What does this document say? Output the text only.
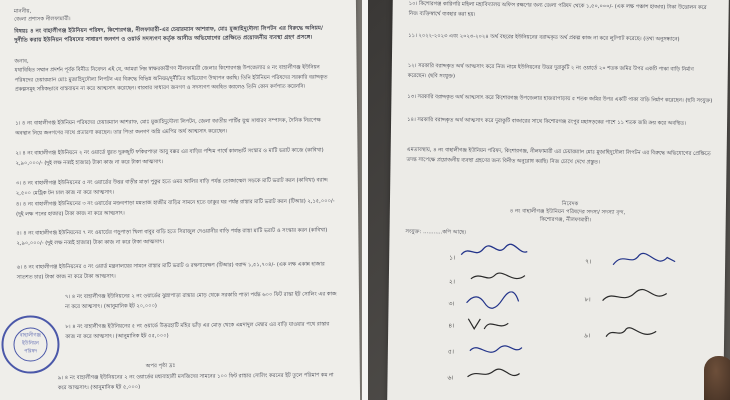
মাননীয়,
জেলা প্রশাসক নীলফামারী।
বিষয়ঃ ৪ নং বাহালীগঞ্জ ইউনিয়ন পরিষদ, কিশোরগঞ্জ, নীলফামারী-এর চেয়ারম্যান আশরাফ, মোঃ মুজাহিদুদৌলা লিপটন এর বিরুদ্ধে অনিয়ম/ দুর্নীতি করায় ইউনিয়ন পরিষদের সাধারণ জনগণ ও ওয়ার্ড সদস্যগণ কর্তৃক আনীত অভিযোগের প্রেক্ষিতে প্রয়োজনীয় ব্যবস্থা গ্রহণ প্রসঙ্গে।
জনাব,
যথাবিহিত সম্মান প্রদর্শন পূর্বক বিনীত নিবেদন এই যে, আমরা নিম্ন স্বাক্ষরকারীগণ নীলফামারী জেলার কিশোরগঞ্জ উপজেলার ৪ নং বাহালীগঞ্জ ইউনিয়ন পরিষদের চেয়ারম্যান মোঃ মুজাহিদুদৌলা লিপটন এর বিরুদ্ধে বিভিন্ন অনিয়ম/দুর্নীতির অভিযোগ উত্থাপন করছি। তিনি ইউনিয়ন পরিষদের সরকারি বরাদ্দকৃত প্রকল্পসমূহ সঠিকভাবে বাস্তবায়ন না করে আত্মসাৎ করেছেন। বারবার সাধারণ জনগণ ও সদস্যগণ অবহিত করলেও তিনি কোন কর্ণপাত করেননি।
১। ৪ নং বাহালীগঞ্জ ইউনিয়ন পরিষদের চেয়ারম্যান আশরাফ, মোঃ মুজাহিদুদৌলা লিপটন, জেলা জাতীয় পার্টির যুগ্ম সাধারণ সম্পাদক, দৈনিক নিরপেক্ষ অবস্থান নিয়ে জনগণের সাথে প্রতারণা করছেন। তার পিতা জনগণ অগ্নি এমপির অর্থ আত্মসাৎ করেছেন।
২। ৪ নং বাহালীগঞ্জ ইউনিয়নে ২ নং ওয়ার্ডে ধুরত দুরুজুটি ফকিরপাড়া আবু বক্কর এর বাড়ির পশ্চিম পার্শ্বে কালভার্ট সংস্কার ও মাটি ভরাট কাজে (কাবিখা) ২,৯০,০০০/- (দুই লক্ষ নব্বই হাজার) টাকা কাজ না করে টাকা আত্মসাৎ।
৩। ৪ নং বাহালীগঞ্জ ইউনিয়নের ৫ নং ওয়ার্ডের উত্তর বাড়ীর মাড়া পুকুর হতে ওমর আলির বাড়ি পর্যন্ত তোজাম্মেল সড়কে মাটি ভরাট করন (কাবিখা) বরাদ্দ ২,৫০০ মেট্রিক টন চাল কাজ না করে আত্মসাৎ।
৪। ৪ নং বাহালীগঞ্জ ইউনিয়নের ৩ নং ওয়ার্ডের মক্তবপাড়া মমতাজ হাজীর বাড়ির সামনে হতে ডাকুর ঘর পর্যন্ত রাস্তার মাটি ভরাট করন (টিআর) ২,১৫,০০০/- (দুই লক্ষ পনের হাজার) টাকা কাজ না করে আত্মসাৎ।
৫। ৪ নং বাহালীগঞ্জ ইউনিয়নের ৭ নং ওয়ার্ডের গড়ুপাড়া খিলা বাবুর বাড়ি হতে সিরাজুল দেওয়ানীর বাড়ি পর্যন্ত রাস্তা মাটি ভরাট ও সংস্কার করন (কাবিখা) ২,৯০,০০০/- (দুই লক্ষ নব্বই হাজার) টাকা কাজ না করে টাকা আত্মসাৎ।
৬। ৪ নং বাহালীগঞ্জ ইউনিয়নের ৫ নং ওয়ার্ড মন্ত্রনালয়ের সামনে রাস্তার মাটি ভরাট ও রক্ষণাবেক্ষণ (টিআর) বরাদ্দ ১,৫১,৭০৪/- (এক লক্ষ একান্ন হাজার সাতশত চার) টাকা কাজ না করে টাকা আত্মসাৎ।
৭। ৪ নং বাহালীগঞ্জ ইউনিয়নের ২ নং ওয়ার্ডের ঝুন্নাপাড়া রাস্তার মোড় থেকে সরকারি পাড়া পর্যন্ত ৬০০ ফিট রাস্তা ইট সোলিং এর কাজ না করে আত্মসাৎ। (আনুমানিক ইট ২০,০০০)
৮। ৪ নং বাহালীগঞ্জ ইউনিয়নের ৫ নং ওয়ার্ডে উত্তরহাটি মহির ভাঁড় এর মোড় থেকে এমদাদুল মেম্বার এর বাড়ি যাওয়ার পথে রাস্তার কাজ না করে আত্মসাৎ। (আনুমানিক ইট ৫৫,০০০)
৯। ৪ নং বাহালীগঞ্জ ইউনিয়নের ২ নং ওয়ার্ডের মধ্যবাহালী মসজিদের সামনের ১০০ ফিট রাস্তার সোলিং করনের ইট তুলে পরিমাণ কম না করে আত্মসাৎ। (আনুমানিক ইট ৫,০০০)
অপর পৃষ্ঠা দ্রঃ
বাহালীগঞ্জ ইউনিয়ন পরিষদ
১০। কিশোরগঞ্জ কারিগরি মহিলা মহাবিদ্যালয় অফিস রক্ষণের জন্য জেলা পরিষদ থেকে ১,৫০,০০০/- (এক লক্ষ পঞ্চাশ হাজার) টাকা উত্তোলন করে নিজ ব্যক্তিস্বার্থে ব্যবহার করা হয়।
১১। ২০২২-২০২৩ এবং ২০২৩-২০২৪ অর্থ বছরের ইউনিয়নের বরাদ্দকৃত অর্থ প্রকল্প কাজ না করে লুটপাট করেছে। (তথ্য অনুসন্ধানে)
১২। সরকারি বরাদ্দকৃত অর্থ আত্মসাৎ করে নিজ নামে ইউনিয়নের উত্তর দুরাকুটি ২ নং ওয়ার্ডে ২০ শতক জমির উপর একটি পাকা বাড়ি নির্মাণ করেছেন। (ছবি সংযুক্ত)
১৩। সরকারি বরাদ্দকৃত অর্থ আত্মসাৎ করে কিশোরগঞ্জ উপজেলার হাজরাপাড়ায় ৫ শতক জমির উপর একটি পাকা বাড়ি নির্মাণ করেছেন। (ছবি সংযুক্ত)
১৪। সরকারি বরাদ্দকৃত অর্থ আত্মসাৎ করে দুরাকুটি বাজারের সাথে কিশোরগঞ্জ রংপুর মহাসড়কের পাশে ১১ শতক জমি ক্রয় করে অবস্থিত।
এমতাবস্থায়, ৪ নং বাহালীগঞ্জ ইউনিয়ন পরিষদ, কিশোরগঞ্জ, নীলফামারী এর চেয়ারম্যান মোঃ মুজাহিদুদৌলা লিপটন এর বিরুদ্ধে অভিযোগের প্রেক্ষিতে তদন্ত সাপেক্ষে প্রয়োজনীয় ব্যবস্থা গ্রহণের জন্য বিনীত অনুরোধ করছি। নিজ চোখে দেখে প্রস্তুত।
নিবেদক
৪ নং বাহালীগঞ্জ ইউনিয়ন পরিষদের সদস্য/ সদস্যা বৃন্দ,
কিশোরগঞ্জ, নীলফামারী।
সংযুক্ত: ...........কপি আছে।
১।
২।
৩।
৪।
৫।
৬।
৭।
৮।
৯।
